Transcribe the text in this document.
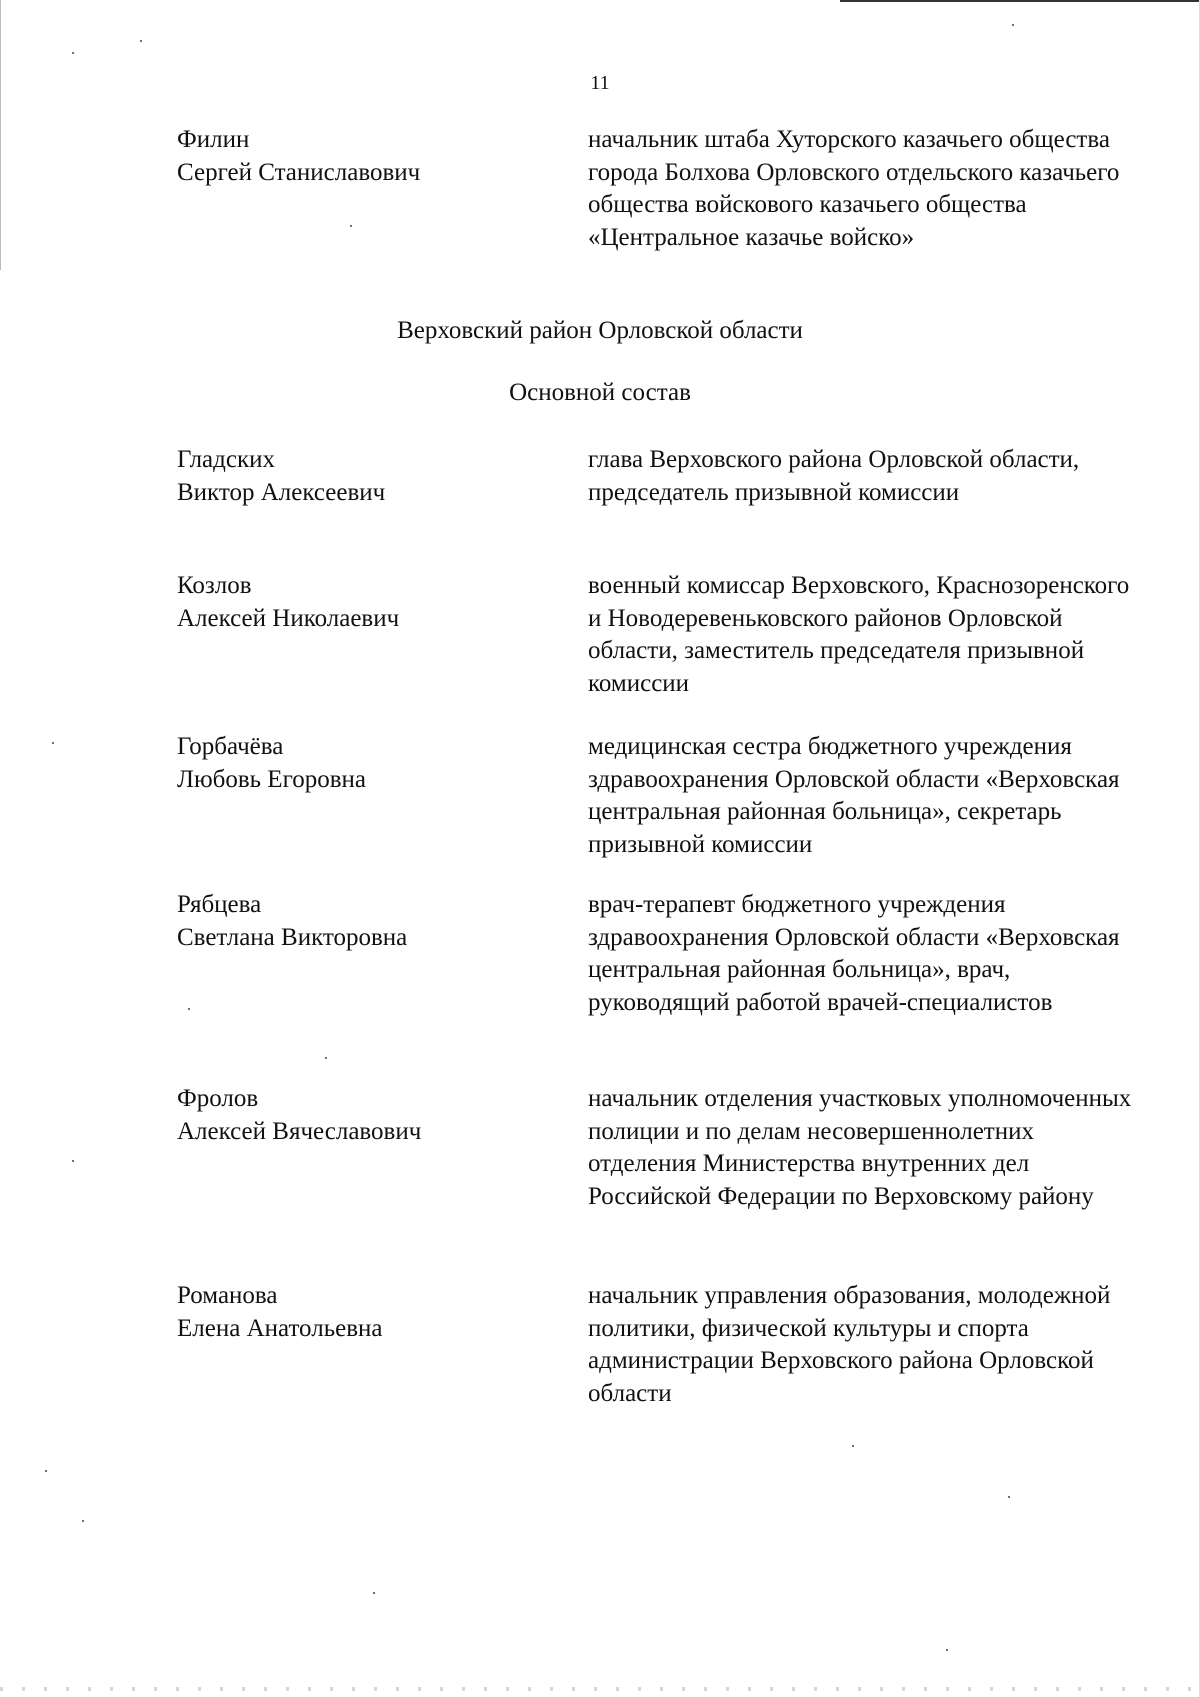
11
Филин
Сергей Станиславович
начальник штаба Хуторского казачьего общества города Болхова Орловского отдельского казачьего общества войскового казачьего общества «Центральное казачье войско»
Верховский район Орловской области
Основной состав
Гладских
Виктор Алексеевич
глава Верховского района Орловской области, председатель призывной комиссии
Козлов
Алексей Николаевич
военный комиссар Верховского, Краснозоренского и Новодеревеньковского районов Орловской области, заместитель председателя призывной комиссии
Горбачёва
Любовь Егоровна
медицинская сестра бюджетного учреждения здравоохранения Орловской области «Верховская центральная районная больница», секретарь призывной комиссии
Рябцева
Светлана Викторовна
врач-терапевт бюджетного учреждения здравоохранения Орловской области «Верховская центральная районная больница», врач, руководящий работой врачей-специалистов
Фролов
Алексей Вячеславович
начальник отделения участковых уполномоченных полиции и по делам несовершеннолетних отделения Министерства внутренних дел Российской Федерации по Верховскому району
Романова
Елена Анатольевна
начальник управления образования, молодежной политики, физической культуры и спорта администрации Верховского района Орловской области
